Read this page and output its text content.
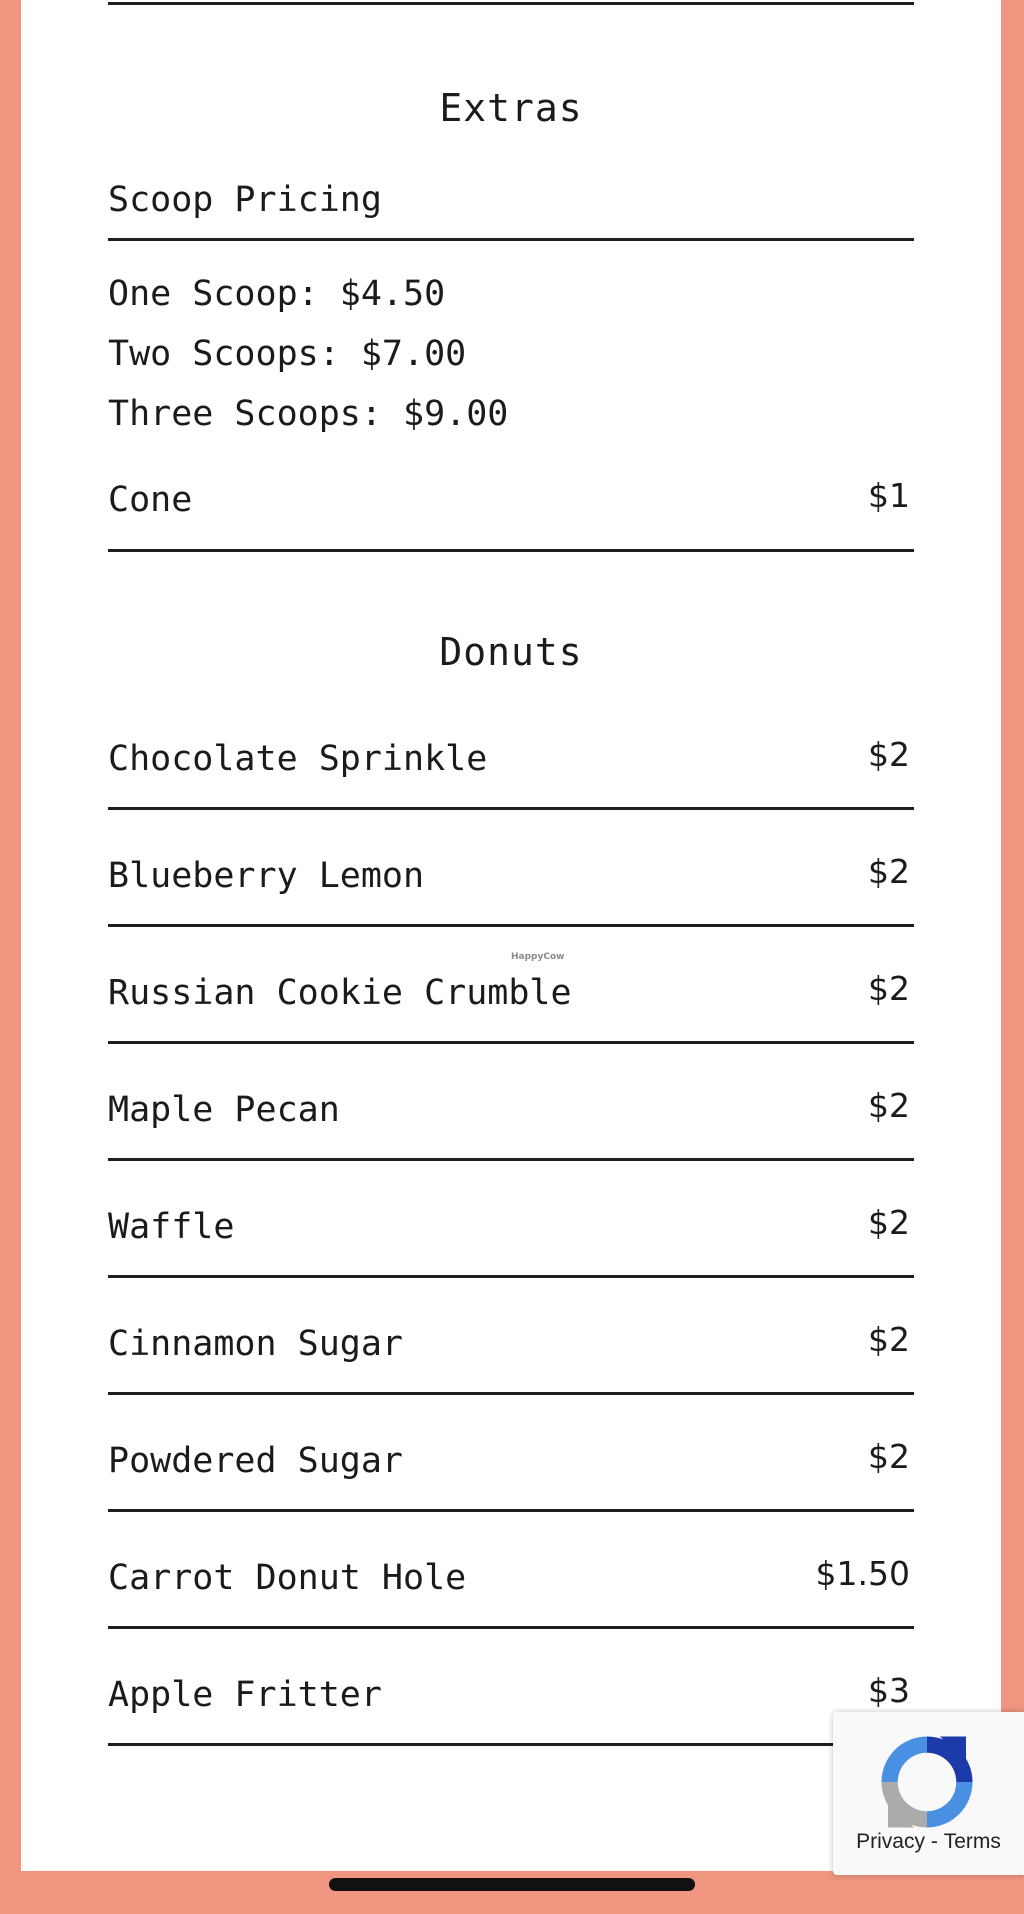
Extras
Scoop Pricing
One Scoop: $4.50
Two Scoops: $7.00
Three Scoops: $9.00
Cone	$1
Donuts
Chocolate Sprinkle	$2
Blueberry Lemon	$2
Russian Cookie Crumble	$2
Maple Pecan	$2
Waffle	$2
Cinnamon Sugar	$2
Powdered Sugar	$2
Carrot Donut Hole	$1.50
Apple Fritter	$3
HappyCow
Privacy - Terms
